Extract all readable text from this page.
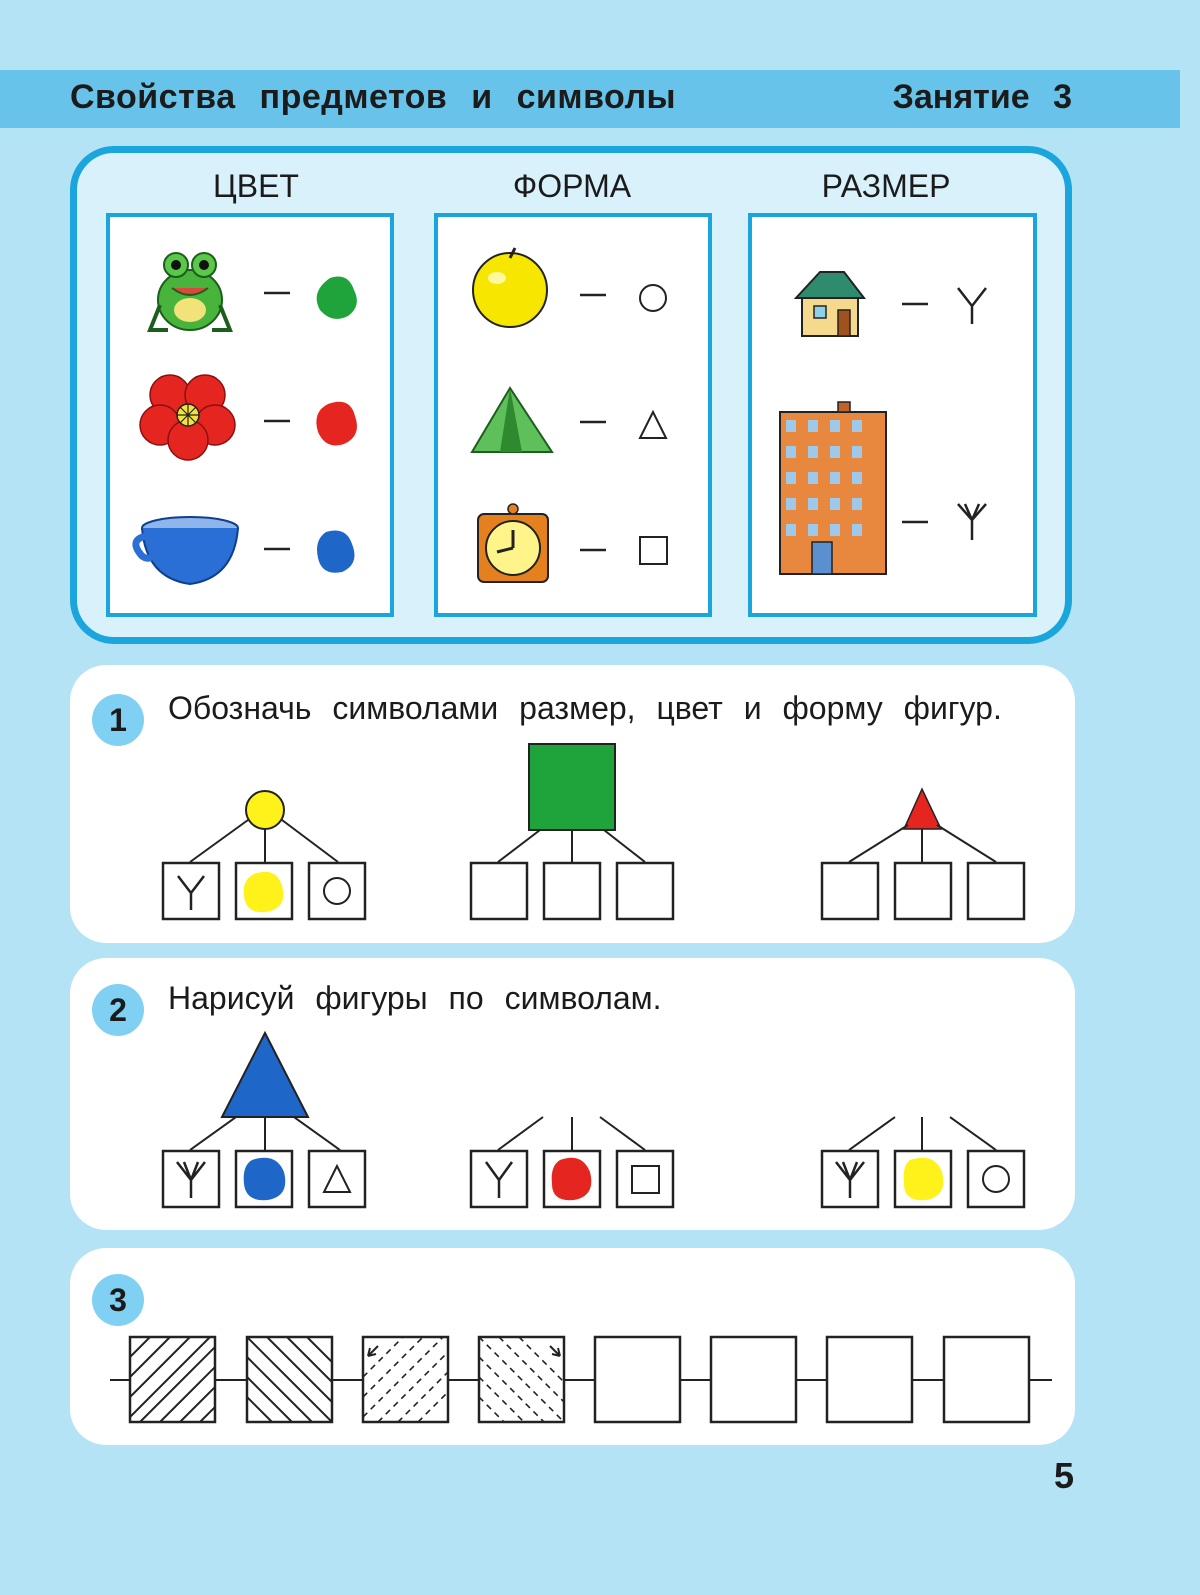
Свойства предметов и символы	Занятие 3
ЦВЕТ	ФОРМА	РАЗМЕР
1	Обозначь символами размер, цвет и форму фигур.
2	Нарисуй фигуры по символам.
3
5
